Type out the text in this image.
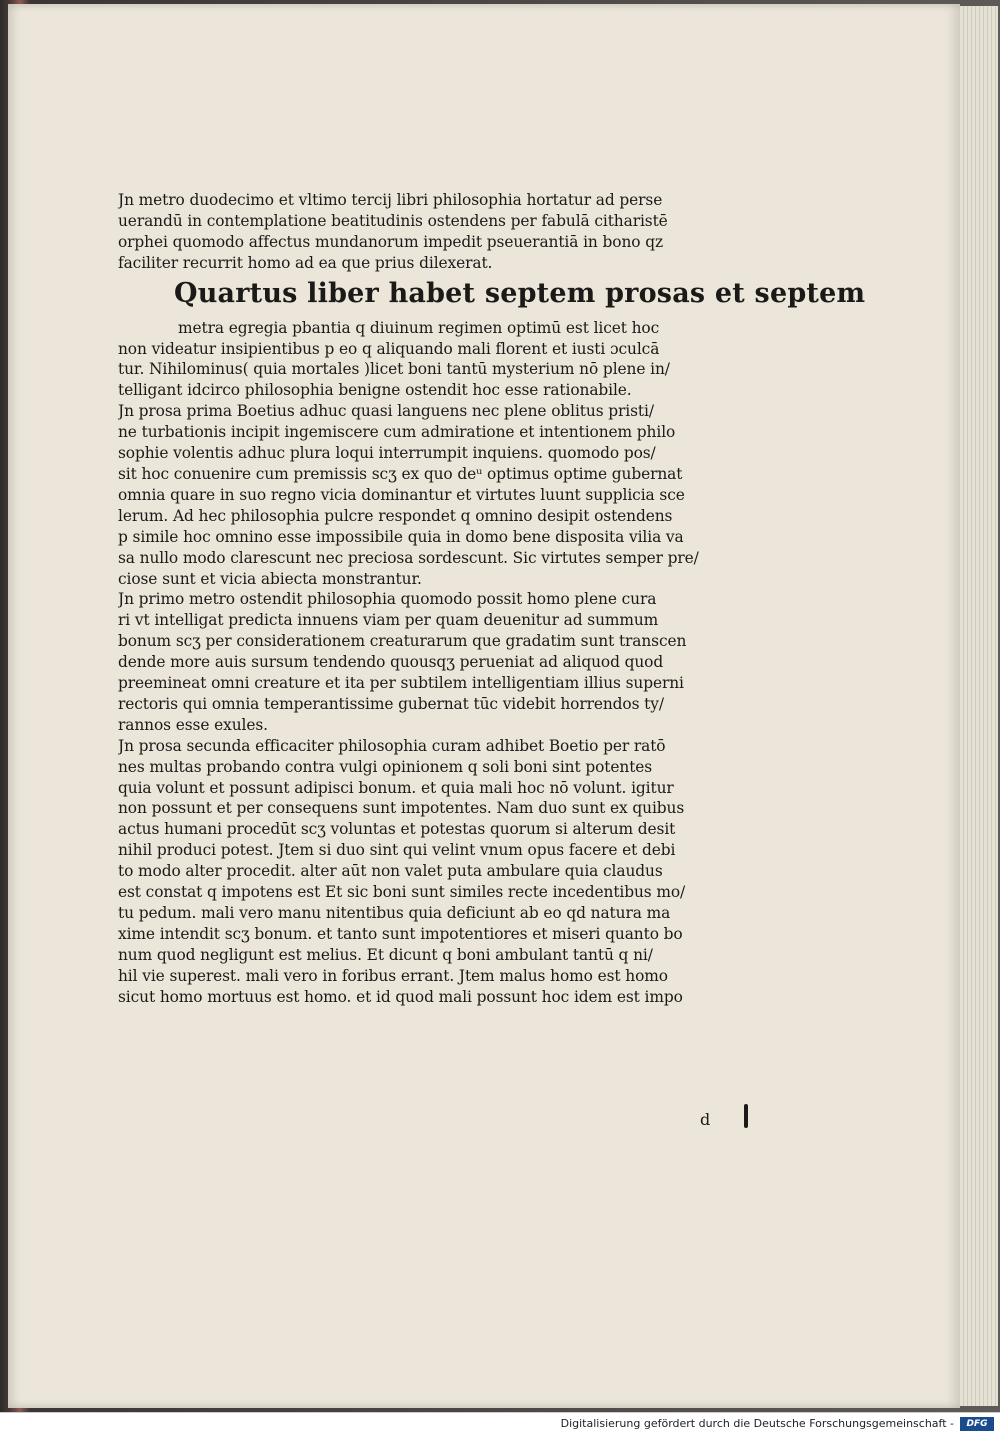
Jn metro duodecimo et vltimo tercij libri philosophia hortatur ad perse
uerandū in contemplatione beatitudinis ostendens per fabulā citharistē
orphei quomodo affectus mundanorum impedit pseuerantiā in bono qz
faciliter recurrit homo ad ea que prius dilexerat.
Quartus liber habet septem prosas et septem
metra egregia pbantia q diuinum regimen optimū est licet hoc
non videatur insipientibus p eo q aliquando mali florent et iusti ɔculcā
tur. Nihilominus( quia mortales )licet boni tantū mysterium nō plene in/
telligant idcirco philosophia benigne ostendit hoc esse rationabile.
Jn prosa prima Boetius adhuc quasi languens nec plene oblitus pristi/
ne turbationis incipit ingemiscere cum admiratione et intentionem philo
sophie volentis adhuc plura loqui interrumpit inquiens. quomodo pos/
sit hoc conuenire cum premissis scʒ ex quo deᵘ optimus optime gubernat
omnia quare in suo regno vicia dominantur et virtutes luunt supplicia sce
lerum. Ad hec philosophia pulcre respondet q omnino desipit ostendens
p simile hoc omnino esse impossibile quia in domo bene disposita vilia va
sa nullo modo clarescunt nec preciosa sordescunt. Sic virtutes semper pre/
ciose sunt et vicia abiecta monstrantur.
Jn primo metro ostendit philosophia quomodo possit homo plene cura
ri vt intelligat predicta innuens viam per quam deuenitur ad summum
bonum scʒ per considerationem creaturarum que gradatim sunt transcen
dende more auis sursum tendendo quousqʒ perueniat ad aliquod quod
preemineat omni creature et ita per subtilem intelligentiam illius superni
rectoris qui omnia temperantissime gubernat tūc videbit horrendos ty/
rannos esse exules.
Jn prosa secunda efficaciter philosophia curam adhibet Boetio per ratō
nes multas probando contra vulgi opinionem q soli boni sint potentes
quia volunt et possunt adipisci bonum. et quia mali hoc nō volunt. igitur
non possunt et per consequens sunt impotentes. Nam duo sunt ex quibus
actus humani procedūt scʒ voluntas et potestas quorum si alterum desit
nihil produci potest. Jtem si duo sint qui velint vnum opus facere et debi
to modo alter procedit. alter aūt non valet puta ambulare quia claudus
est constat q impotens est Et sic boni sunt similes recte incedentibus mo/
tu pedum. mali vero manu nitentibus quia deficiunt ab eo qd natura ma
xime intendit scʒ bonum. et tanto sunt impotentiores et miseri quanto bo
num quod negligunt est melius. Et dicunt q boni ambulant tantū q ni/
hil vie superest. mali vero in foribus errant. Jtem malus homo est homo
sicut homo mortuus est homo. et id quod mali possunt hoc idem est impo
d
Digitalisierung gefördert durch die Deutsche Forschungsgemeinschaft -	DFG
